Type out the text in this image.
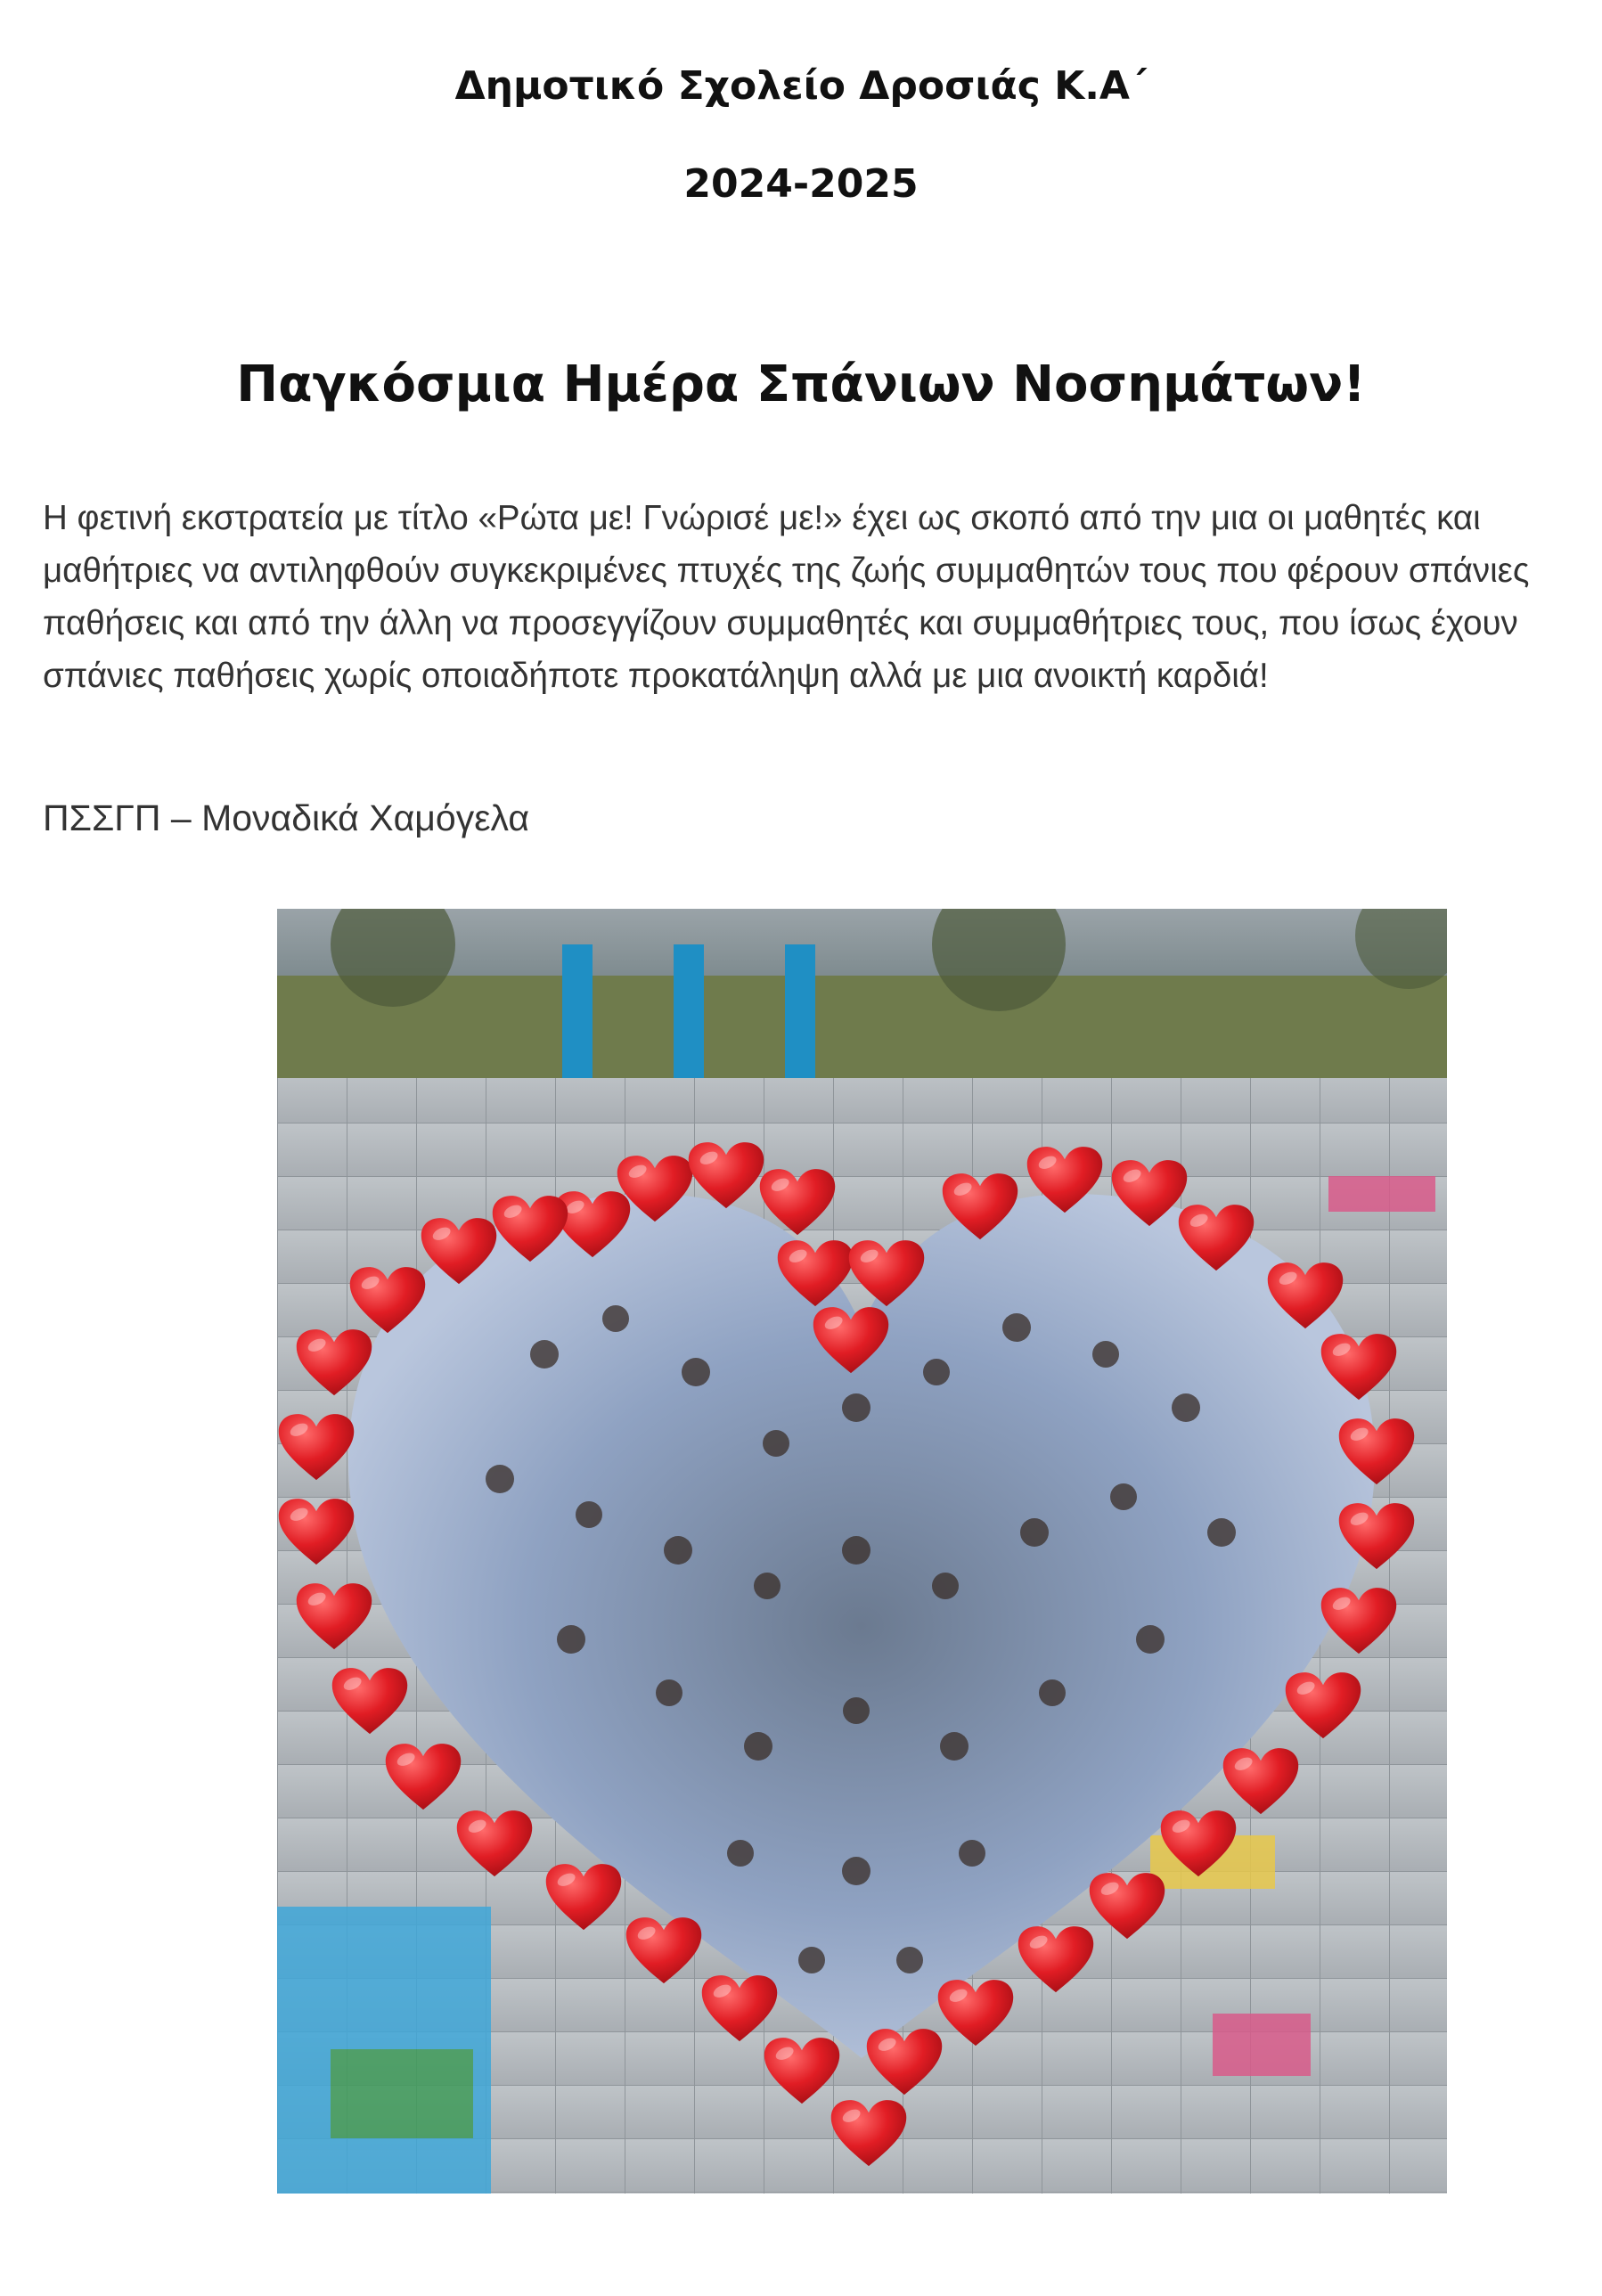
Δημοτικό Σχολείο Δροσιάς Κ.Α΄
2024-2025
Παγκόσμια Ημέρα Σπάνιων Νοσημάτων!

Η φετινή εκστρατεία με τίτλο «Ρώτα με! Γνώρισέ με!» έχει ως σκοπό από την μια οι μαθητές και μαθήτριες να αντιληφθούν συγκεκριμένες πτυχές της ζωής συμμαθητών τους που φέρουν σπάνιες παθήσεις και από την άλλη να προσεγγίζουν συμμαθητές και συμμαθήτριες τους, που ίσως έχουν σπάνιες παθήσεις χωρίς οποιαδήποτε προκατάληψη αλλά με μια ανοικτή καρδιά!

ΠΣΣΓΠ – Μοναδικά Χαμόγελα
